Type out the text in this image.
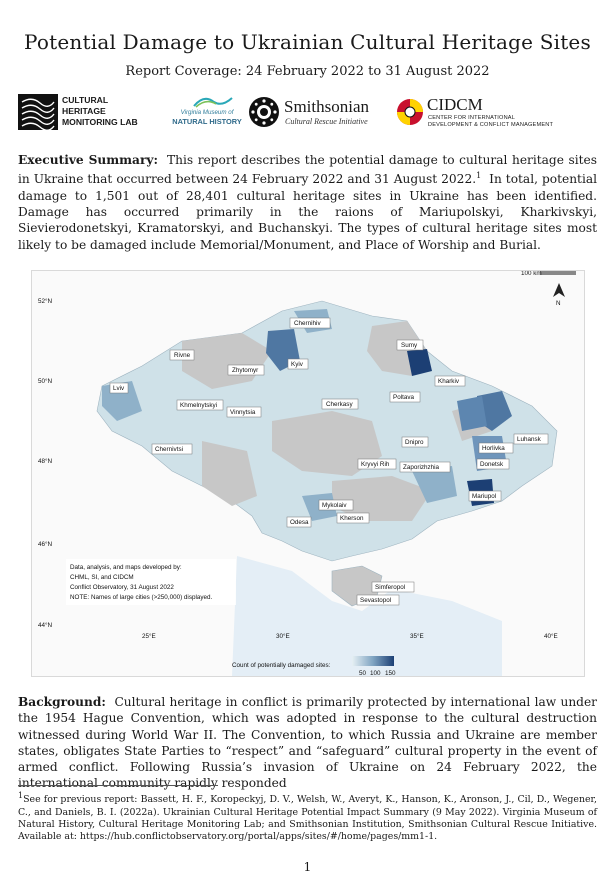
Potential Damage to Ukrainian Cultural Heritage Sites
Report Coverage: 24 February 2022 to 31 August 2022
CULTURAL
HERITAGE
MONITORING LAB
Virginia Museum of
NATURAL HISTORY
Smithsonian
Cultural Rescue Initiative
CIDCM
CENTER FOR INTERNATIONAL
DEVELOPMENT & CONFLICT MANAGEMENT
Executive Summary: This report describes the potential damage to cultural heritage sites in Ukraine that occurred between 24 February 2022 and 31 August 2022.$^1$ In total, potential damage to 1,501 out of 28,401 cultural heritage sites in Ukraine has been identified. Damage has occurred primarily in the raions of Mariupolskyi, Kharkivskyi, Sievierodonetskyi, Kramatorskyi, and Buchanskyi. The types of cultural heritage sites most likely to be damaged include Memorial/Monument, and Place of Worship and Burial.
52°N
50°N
48°N
46°N
44°N
25°E	30°E	35°E	40°E
100 km
N
Chernihiv
Sumy
Rivne
Zhytomyr
Kyiv
Kharkiv
Lviv
Khmelnytskyi
Vinnytsia
Cherkasy
Poltava
Luhansk
Horlivka
Dnipro
Donetsk
Chernivtsi
Kryvyi Rih Zaporizhzhia
Mariupol
Mykolaiv
Kherson
Odesa
Simferopol
Sevastopol
Data, analysis, and maps developed by:
CHML, SI, and CIDCM
Conflict Observatory, 31 August 2022
NOTE: Names of large cities (>250,000) displayed.
Count of potentially damaged sites:
50 100 150
Background: Cultural heritage in conflict is primarily protected by international law under the 1954 Hague Convention, which was adopted in response to the cultural destruction witnessed during World War II. The Convention, to which Russia and Ukraine are member states, obligates State Parties to “respect” and “safeguard” cultural property in the event of armed conflict. Following Russia’s invasion of Ukraine on 24 February 2022, the international community rapidly responded
$^1$See for previous report: Bassett, H. F., Koropeckyj, D. V., Welsh, W., Averyt, K., Hanson, K., Aronson, J., Cil, D., Wegener, C., and Daniels, B. I. (2022a). Ukrainian Cultural Heritage Potential Impact Summary (9 May 2022). Virginia Museum of Natural History, Cultural Heritage Monitoring Lab; and Smithsonian Institution, Smithsonian Cultural Rescue Initiative. Available at: https://hub.conflictobservatory.org/portal/apps/sites/#/home/pages/mm1-1.
1
